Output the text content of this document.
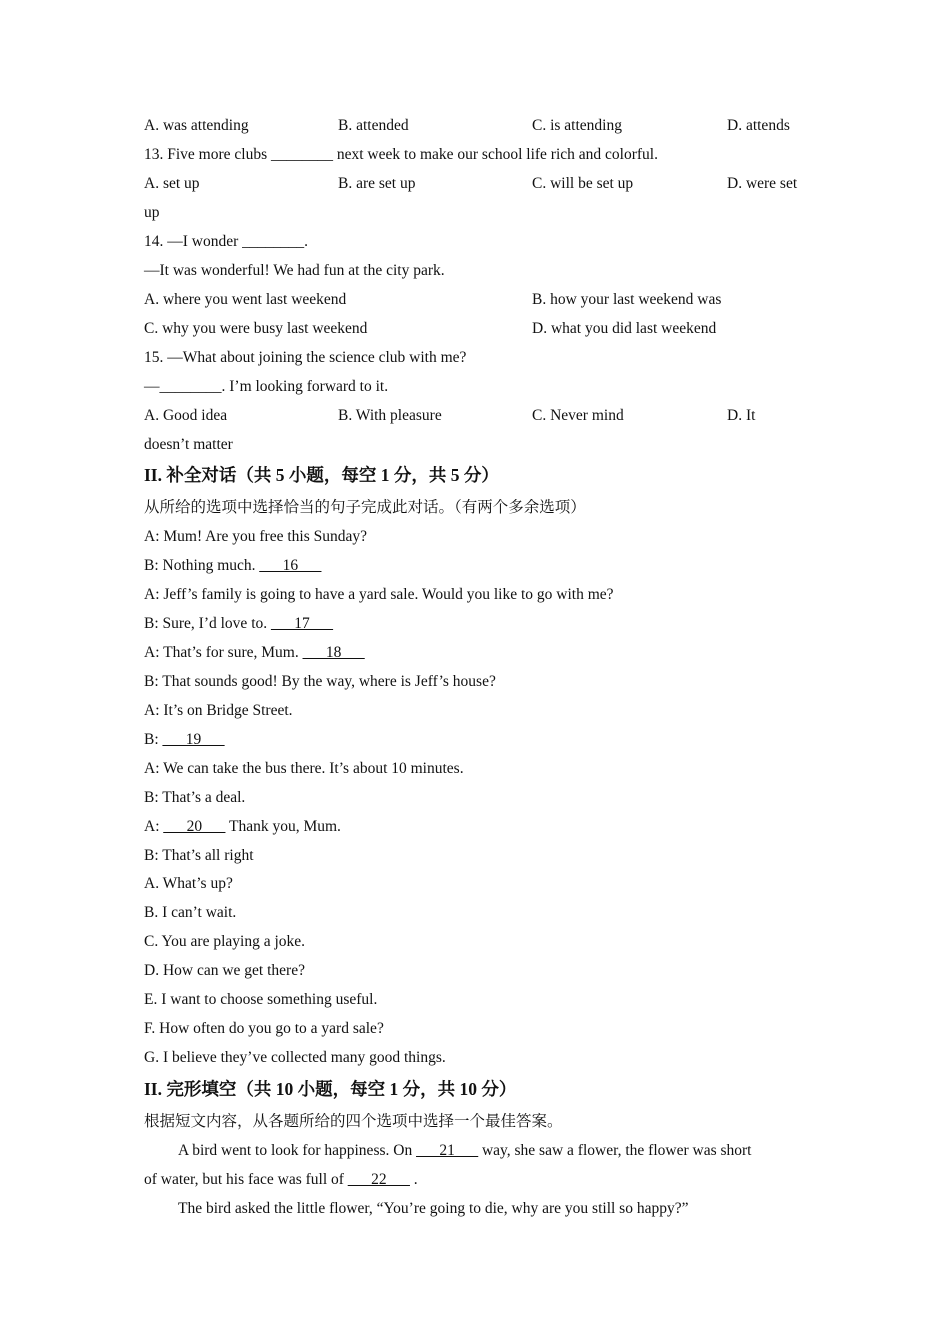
A. was attending	B. attended	C. is attending	D. attends
13. Five more clubs ________ next week to make our school life rich and colorful.
A. set up	B. are set up	C. will be set up	D. were set
up
14. —I wonder ________.
—It was wonderful! We had fun at the city park.
A. where you went last weekend	B. how your last weekend was
C. why you were busy last weekend	D. what you did last weekend
15. —What about joining the science club with me?
—________. I’m looking forward to it.
A. Good idea	B. With pleasure	C. Never mind	D. It
doesn’t matter
II. 补全对话（共 5 小题，每空 1 分，共 5 分）
从所给的选项中选择恰当的句子完成此对话。（有两个多余选项）
A: Mum! Are you free this Sunday?
B: Nothing much. ___16___
A: Jeff’s family is going to have a yard sale. Would you like to go with me?
B: Sure, I’d love to. ___17___
A: That’s for sure, Mum. ___18___
B: That sounds good! By the way, where is Jeff’s house?
A: It’s on Bridge Street.
B: ___19___
A: We can take the bus there. It’s about 10 minutes.
B: That’s a deal.
A: ___20___ Thank you, Mum.
B: That’s all right
A. What’s up?
B. I can’t wait.
C. You are playing a joke.
D. How can we get there?
E. I want to choose something useful.
F. How often do you go to a yard sale?
G. I believe they’ve collected many good things.
II. 完形填空（共 10 小题，每空 1 分，共 10 分）
根据短文内容，从各题所给的四个选项中选择一个最佳答案。
A bird went to look for happiness. On ___21___ way, she saw a flower, the flower was short
of water, but his face was full of ___22___ .
The bird asked the little flower, “You’re going to die, why are you still so happy?”
